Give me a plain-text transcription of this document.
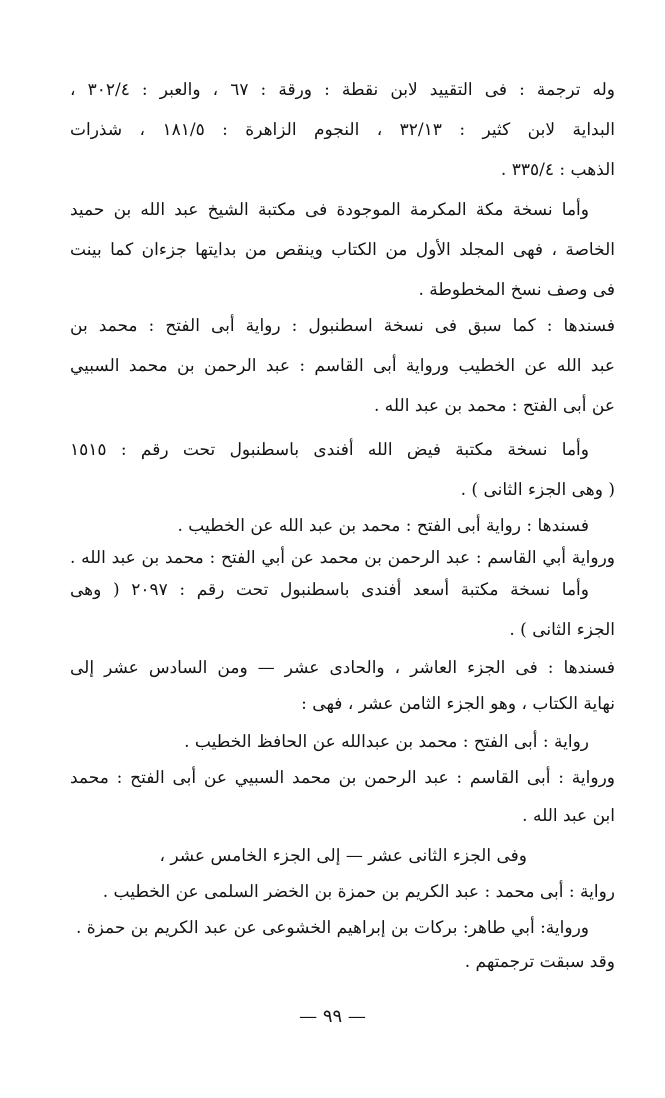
وله ترجمة : فى التقييد لابن نقطة : ورقة : ٦٧ ، والعبر : ٣٠٢/٤ ،
البداية لابن كثير : ٣٢/١٣ ، النجوم الزاهرة : ١٨١/٥ ، شذرات
الذهب : ٣٣٥/٤ .
وأما نسخة مكة المكرمة الموجودة فى مكتبة الشيخ عبد الله بن حميد
الخاصة ، فهى المجلد الأول من الكتاب وينقص من بدايتها جزءان كما بينت
فى وصف نسخ المخطوطة .
فسندها : كما سبق فى نسخة اسطنبول : رواية أبى الفتح : محمد بن
عبد الله عن الخطيب ورواية أبى القاسم : عبد الرحمن بن محمد السبيي
عن أبى الفتح : محمد بن عبد الله .
وأما نسخة مكتبة فيض الله أفندى باسطنبول تحت رقم : ١٥١٥
( وهى الجزء الثانى ) .
فسندها : رواية أبى الفتح : محمد بن عبد الله عن الخطيب .
ورواية أبي القاسم : عبد الرحمن بن محمد عن أبي الفتح : محمد بن عبد الله .
وأما نسخة مكتبة أسعد أفندى باسطنبول تحت رقم : ٢٠٩٧ ( وهى
الجزء الثانى ) .
فسندها : فى الجزء العاشر ، والحادى عشر — ومن السادس عشر إلى
نهاية الكتاب ، وهو الجزء الثامن عشر ، فهى :
رواية : أبى الفتح : محمد بن عبدالله عن الحافظ الخطيب .
ورواية : أبى القاسم : عبد الرحمن بن محمد السبيي عن أبى الفتح : محمد
ابن عبد الله .
وفى الجزء الثانى عشر — إلى الجزء الخامس عشر ،
رواية : أبى محمد : عبد الكريم بن حمزة بن الخضر السلمى عن الخطيب .
ورواية: أبي طاهر: بركات بن إبراهيم الخشوعى عن عبد الكريم بن حمزة .
وقد سبقت ترجمتهم .
— ٩٩ —
